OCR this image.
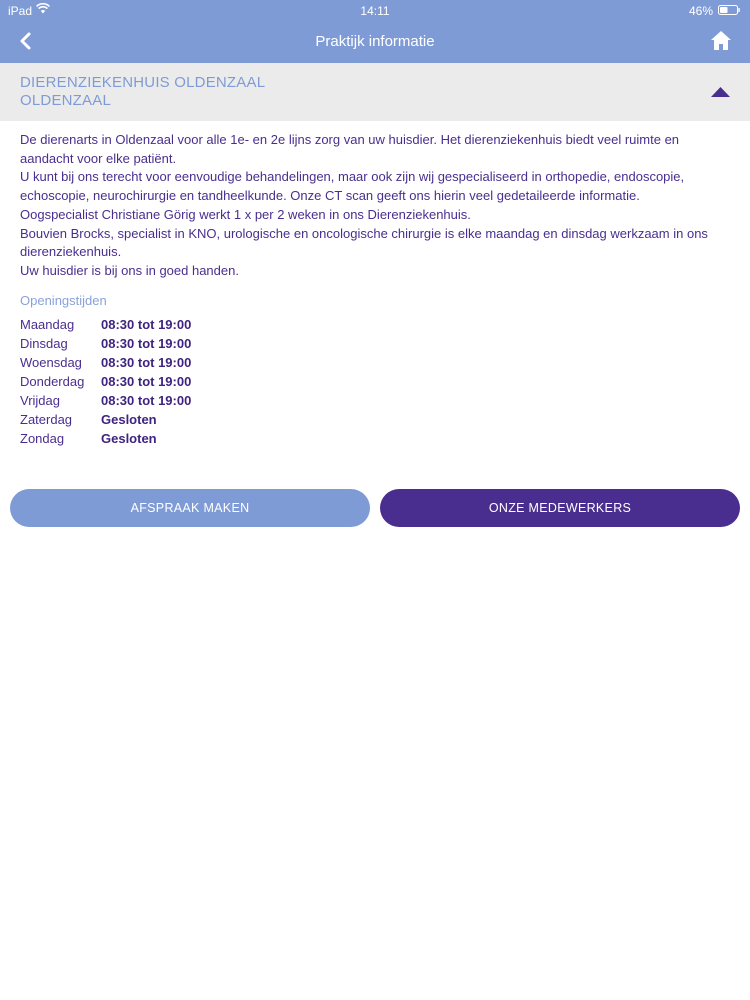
iPad	14:11	46%
Praktijk informatie
DIERENZIEKENHUIS OLDENZAAL
OLDENZAAL

De dierenarts in Oldenzaal voor alle 1e- en 2e lijns zorg van uw huisdier. Het dierenziekenhuis biedt veel ruimte en aandacht voor elke patiënt.

U kunt bij ons terecht voor eenvoudige behandelingen, maar ook zijn wij gespecialiseerd in orthopedie, endoscopie, echoscopie, neurochirurgie en tandheelkunde. Onze CT scan geeft ons hierin veel gedetaileerde informatie.

Oogspecialist Christiane Görig werkt 1 x per 2 weken in ons Dierenziekenhuis.

Bouvien Brocks, specialist in KNO, urologische en oncologische chirurgie is elke maandag en dinsdag werkzaam in ons dierenziekenhuis.

Uw huisdier is bij ons in goed handen.

Openingstijden
Maandag 08:30 tot 19:00
Dinsdag	08:30 tot 19:00
Woensdag 08:30 tot 19:00
Donderdag 08:30 tot 19:00
Vrijdag	08:30 tot 19:00
Zaterdag Gesloten
Zondag	Gesloten
AFSPRAAK MAKEN	ONZE MEDEWERKERS
